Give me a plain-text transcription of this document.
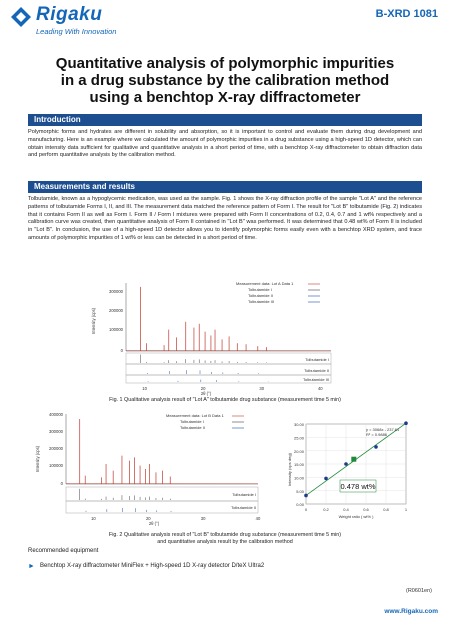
Rigaku
Leading With Innovation
B-XRD 1081
Quantitative analysis of polymorphic impurities
in a drug substance by the calibration method
using a benchtop X-ray diffractometer
Introduction
Polymorphic forms and hydrates are different in solubility and absorption, so it is important to control and evaluate them during drug development and manufacturing. Here is an example where we calculated the amount of polymorphic impurities in a drug substance using a high-speed 1D detector, which can obtain intensity data sufficient for qualitative and quantitative analysis in a short period of time, with a benchtop X-ray diffractometer to obtain diffraction data and perform quantitative analysis by the calibration method.
Measurements and results
Tolbutamide, known as a hypoglycemic medication, was used as the sample. Fig. 1 shows the X-ray diffraction profile of the sample "Lot A" and the reference patterns of tolbutamide Forms I, II, and III. The measurement data matched the reference pattern of Form I. The result for "Lot B" tolbutamide (Fig. 2) indicates that it contains Form II as well as Form I. Form II / Form I mixtures were prepared with Form II concentrations of 0.2, 0.4, 0.7 and 1 wt% respectively and a calibration curve was created, then quantitative analysis of Form II contained in "Lot B" was performed. It was determined that 0.48 wt% of Form II is included in "Lot B". In conclusion, the use of a high-speed 1D detector allows you to identify polymorphic forms easily even with a benchtop XRD system, and trace amounts of polymorphic impurities of 1 wt% or less can be detected in a short period of time.
300000
200000
100000
0
Intensity (cps)
Measurement data: Lot A Data 1
Tolbutamide I
Tolbutamide II
Tolbutamide III
Tolbutamide I
Tolbutamide II
Tolbutamide III
10	20	30	40
2θ (°)
Fig. 1 Qualitative analysis result of "Lot A" tolbutamide drug substance (measurement time 5 min)
400000
300000
200000
100000
0
Intensity (cps)
Measurement data: Lot B Data 1
Tolbutamide I
Tolbutamide II
Tolbutamide I
Tolbutamide II
10	20	30	40
2θ (°)
30.00
25.00
20.00
15.00
10.00
5.00
0.00
Intensity (cps·deg)
y = 3068x - 237.61
R² = 0.9886
0.478 wt%
0	0.2	0.4	0.6	0.8	1
Weight ratio ( wt% )
Fig. 2 Qualitative analysis result of "Lot B" tolbutamide drug substance (measurement time 5 min)
and quantitative analysis result by the calibration method
Recommended equipment
► Benchtop X-ray diffractometer MiniFlex + High-speed 1D X-ray detector D/teX Ultra2
(R0601en)
www.Rigaku.com
